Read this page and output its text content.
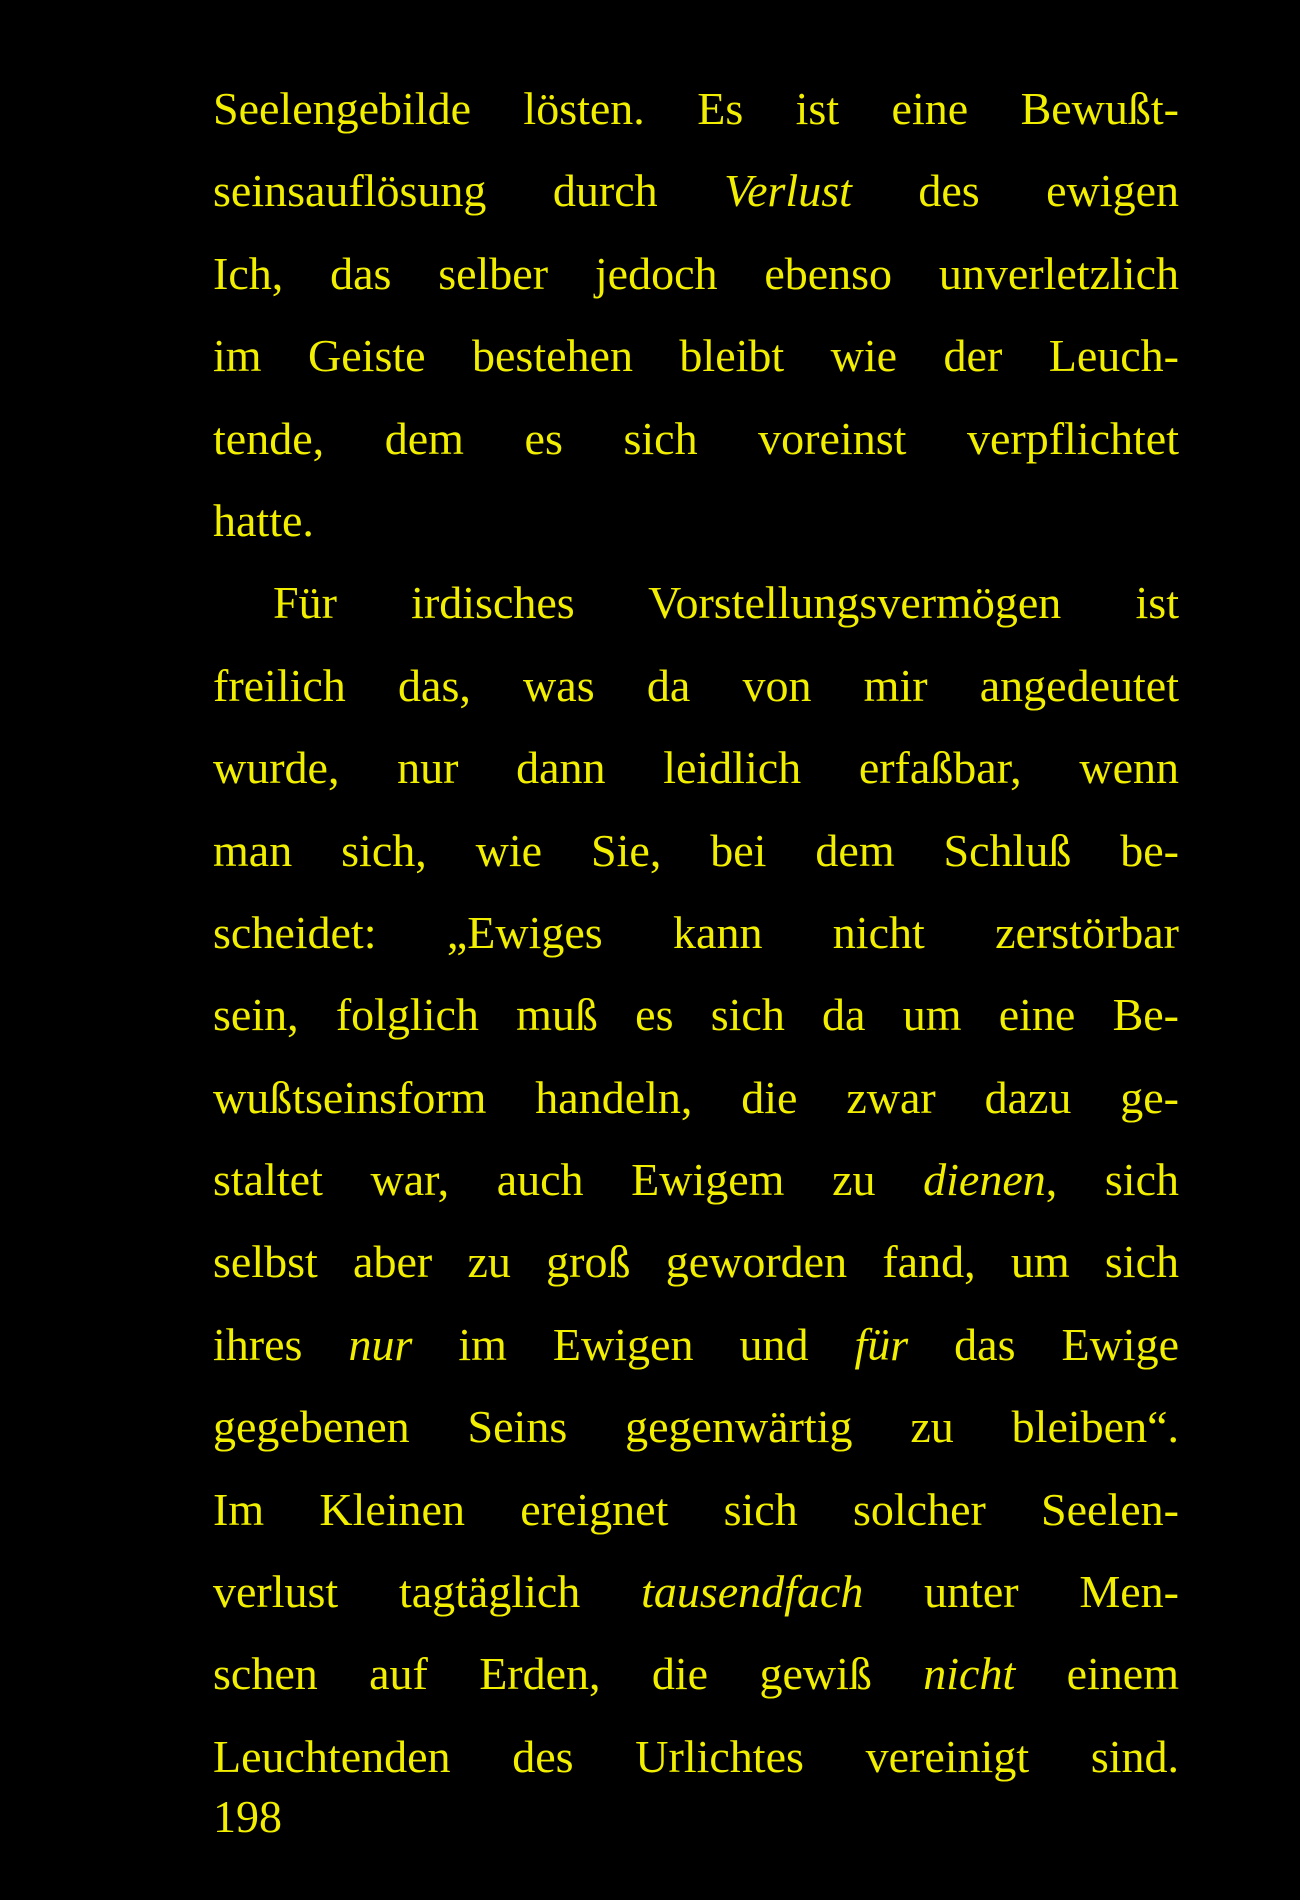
Seelengebilde lösten. Es ist eine Bewußt-
seinsauflösung durch Verlust des ewigen
Ich, das selber jedoch ebenso unverletzlich
im Geiste bestehen bleibt wie der Leuch-
tende, dem es sich voreinst verpflichtet
hatte.
Für irdisches Vorstellungsvermögen ist
freilich das, was da von mir angedeutet
wurde, nur dann leidlich erfaßbar, wenn
man sich, wie Sie, bei dem Schluß be-
scheidet: „Ewiges kann nicht zerstörbar
sein, folglich muß es sich da um eine Be-
wußtseinsform handeln, die zwar dazu ge-
staltet war, auch Ewigem zu dienen, sich
selbst aber zu groß geworden fand, um sich
ihres nur im Ewigen und für das Ewige
gegebenen Seins gegenwärtig zu bleiben“.
Im Kleinen ereignet sich solcher Seelen-
verlust tagtäglich tausendfach unter Men-
schen auf Erden, die gewiß nicht einem
Leuchtenden des Urlichtes vereinigt sind.
198
